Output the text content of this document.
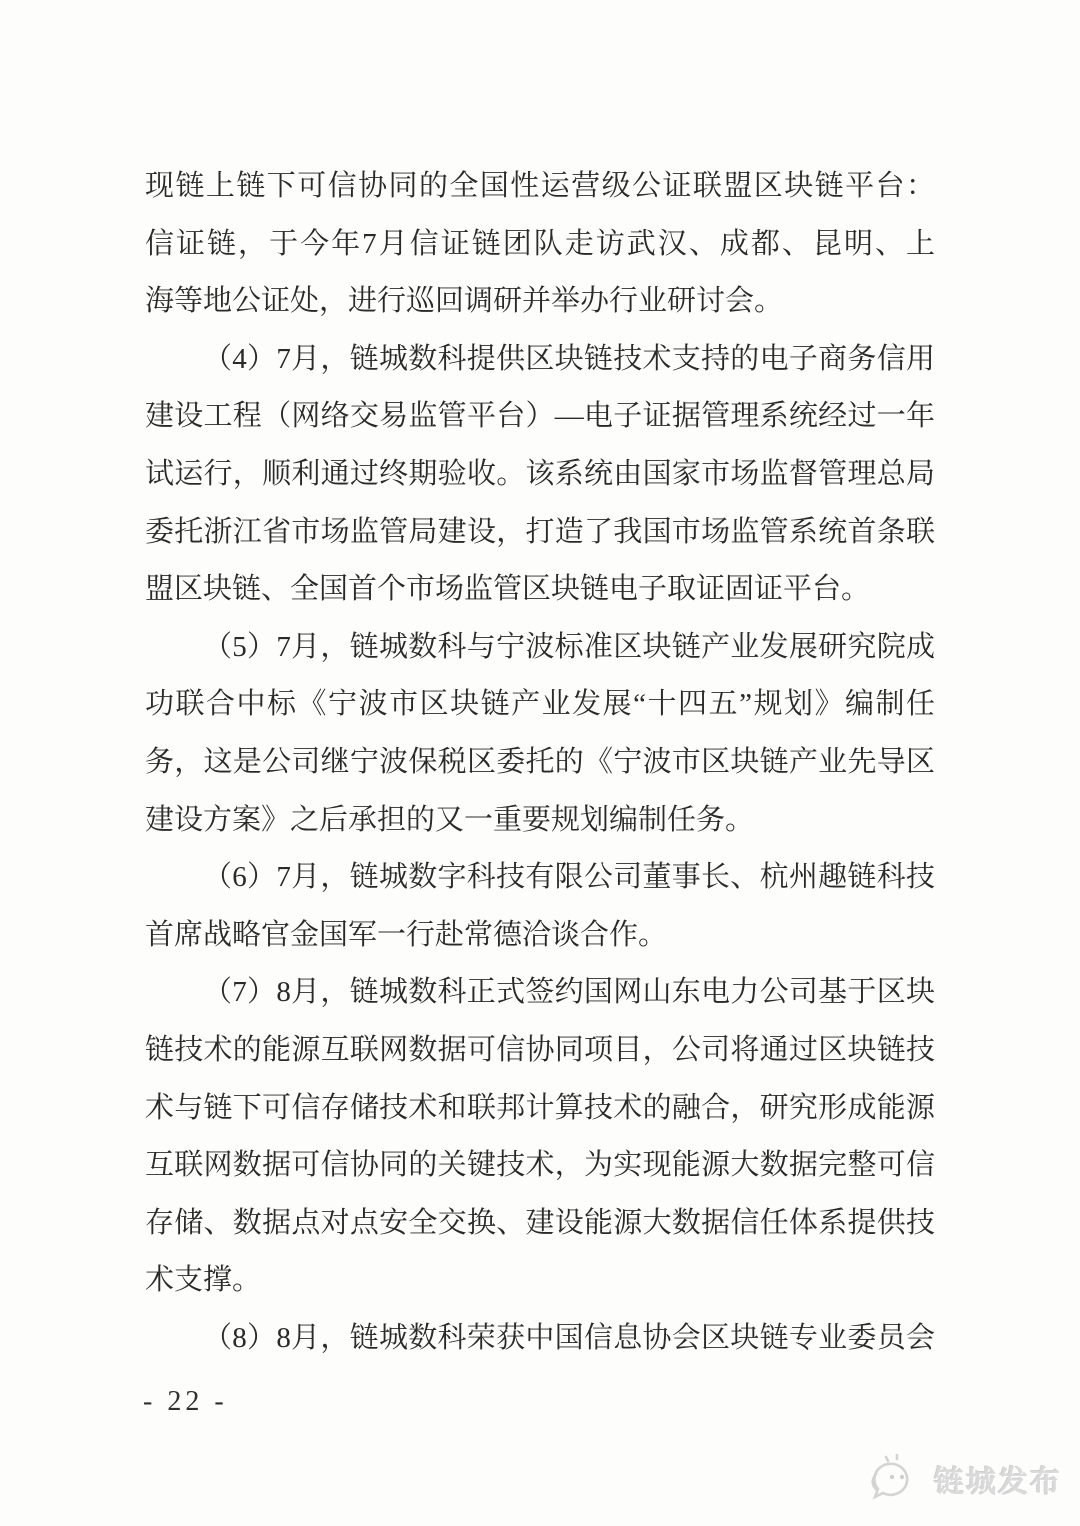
现链上链下可信协同的全国性运营级公证联盟区块链平台：
信证链，于今年7月信证链团队走访武汉、成都、昆明、上
海等地公证处，进行巡回调研并举办行业研讨会。
（4）7月，链城数科提供区块链技术支持的电子商务信用
建设工程（网络交易监管平台）—电子证据管理系统经过一年
试运行，顺利通过终期验收。该系统由国家市场监督管理总局
委托浙江省市场监管局建设，打造了我国市场监管系统首条联
盟区块链、全国首个市场监管区块链电子取证固证平台。
（5）7月，链城数科与宁波标准区块链产业发展研究院成
功联合中标《宁波市区块链产业发展“十四五”规划》编制任
务，这是公司继宁波保税区委托的《宁波市区块链产业先导区
建设方案》之后承担的又一重要规划编制任务。
（6）7月，链城数字科技有限公司董事长、杭州趣链科技
首席战略官金国军一行赴常德洽谈合作。
（7）8月，链城数科正式签约国网山东电力公司基于区块
链技术的能源互联网数据可信协同项目，公司将通过区块链技
术与链下可信存储技术和联邦计算技术的融合，研究形成能源
互联网数据可信协同的关键技术，为实现能源大数据完整可信
存储、数据点对点安全交换、建设能源大数据信任体系提供技
术支撑。
（8）8月，链城数科荣获中国信息协会区块链专业委员会
- 22 -
链城发布
